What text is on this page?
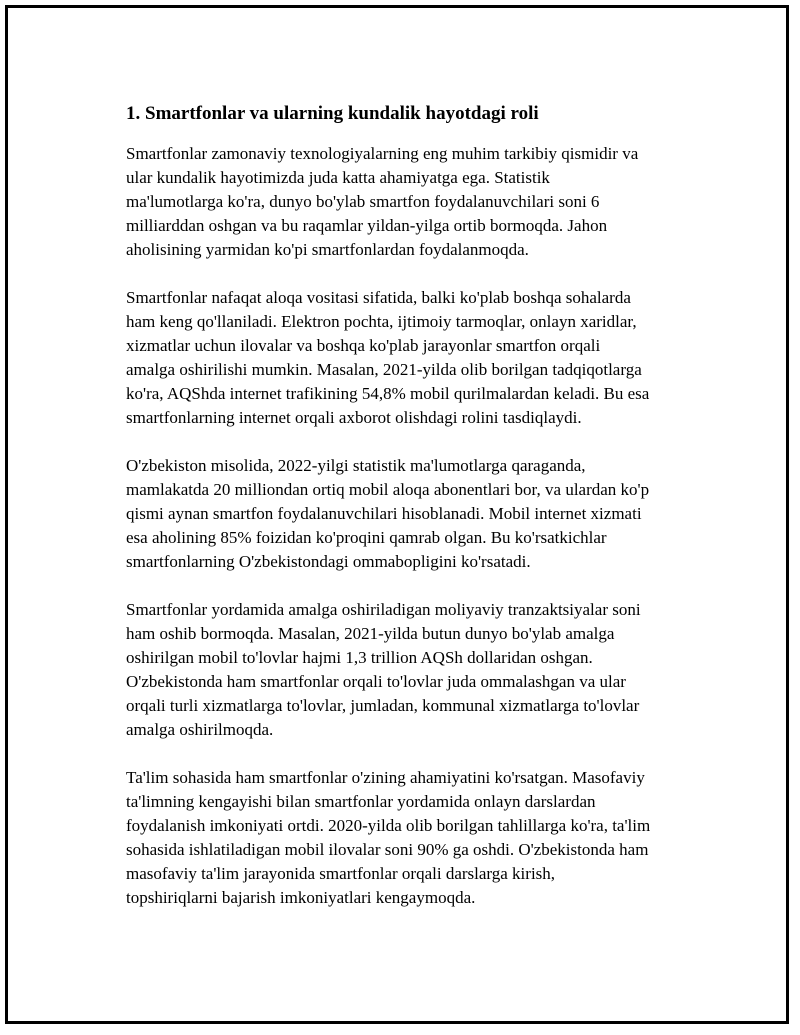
1. Smartfonlar va ularning kundalik hayotdagi roli
Smartfonlar zamonaviy texnologiyalarning eng muhim tarkibiy qismidir va
ular kundalik hayotimizda juda katta ahamiyatga ega. Statistik
ma'lumotlarga ko'ra, dunyo bo'ylab smartfon foydalanuvchilari soni 6
milliarddan oshgan va bu raqamlar yildan-yilga ortib bormoqda. Jahon
aholisining yarmidan ko'pi smartfonlardan foydalanmoqda.
Smartfonlar nafaqat aloqa vositasi sifatida, balki ko'plab boshqa sohalarda
ham keng qo'llaniladi. Elektron pochta, ijtimoiy tarmoqlar, onlayn xaridlar,
xizmatlar uchun ilovalar va boshqa ko'plab jarayonlar smartfon orqali
amalga oshirilishi mumkin. Masalan, 2021-yilda olib borilgan tadqiqotlarga
ko'ra, AQShda internet trafikining 54,8% mobil qurilmalardan keladi. Bu esa
smartfonlarning internet orqali axborot olishdagi rolini tasdiqlaydi.
O'zbekiston misolida, 2022-yilgi statistik ma'lumotlarga qaraganda,
mamlakatda 20 milliondan ortiq mobil aloqa abonentlari bor, va ulardan ko'p
qismi aynan smartfon foydalanuvchilari hisoblanadi. Mobil internet xizmati
esa aholining 85% foizidan ko'proqini qamrab olgan. Bu ko'rsatkichlar
smartfonlarning O'zbekistondagi ommabopligini ko'rsatadi.
Smartfonlar yordamida amalga oshiriladigan moliyaviy tranzaktsiyalar soni
ham oshib bormoqda. Masalan, 2021-yilda butun dunyo bo'ylab amalga
oshirilgan mobil to'lovlar hajmi 1,3 trillion AQSh dollaridan oshgan.
O'zbekistonda ham smartfonlar orqali to'lovlar juda ommalashgan va ular
orqali turli xizmatlarga to'lovlar, jumladan, kommunal xizmatlarga to'lovlar
amalga oshirilmoqda.
Ta'lim sohasida ham smartfonlar o'zining ahamiyatini ko'rsatgan. Masofaviy
ta'limning kengayishi bilan smartfonlar yordamida onlayn darslardan
foydalanish imkoniyati ortdi. 2020-yilda olib borilgan tahlillarga ko'ra, ta'lim
sohasida ishlatiladigan mobil ilovalar soni 90% ga oshdi. O'zbekistonda ham
masofaviy ta'lim jarayonida smartfonlar orqali darslarga kirish,
topshiriqlarni bajarish imkoniyatlari kengaymoqda.
